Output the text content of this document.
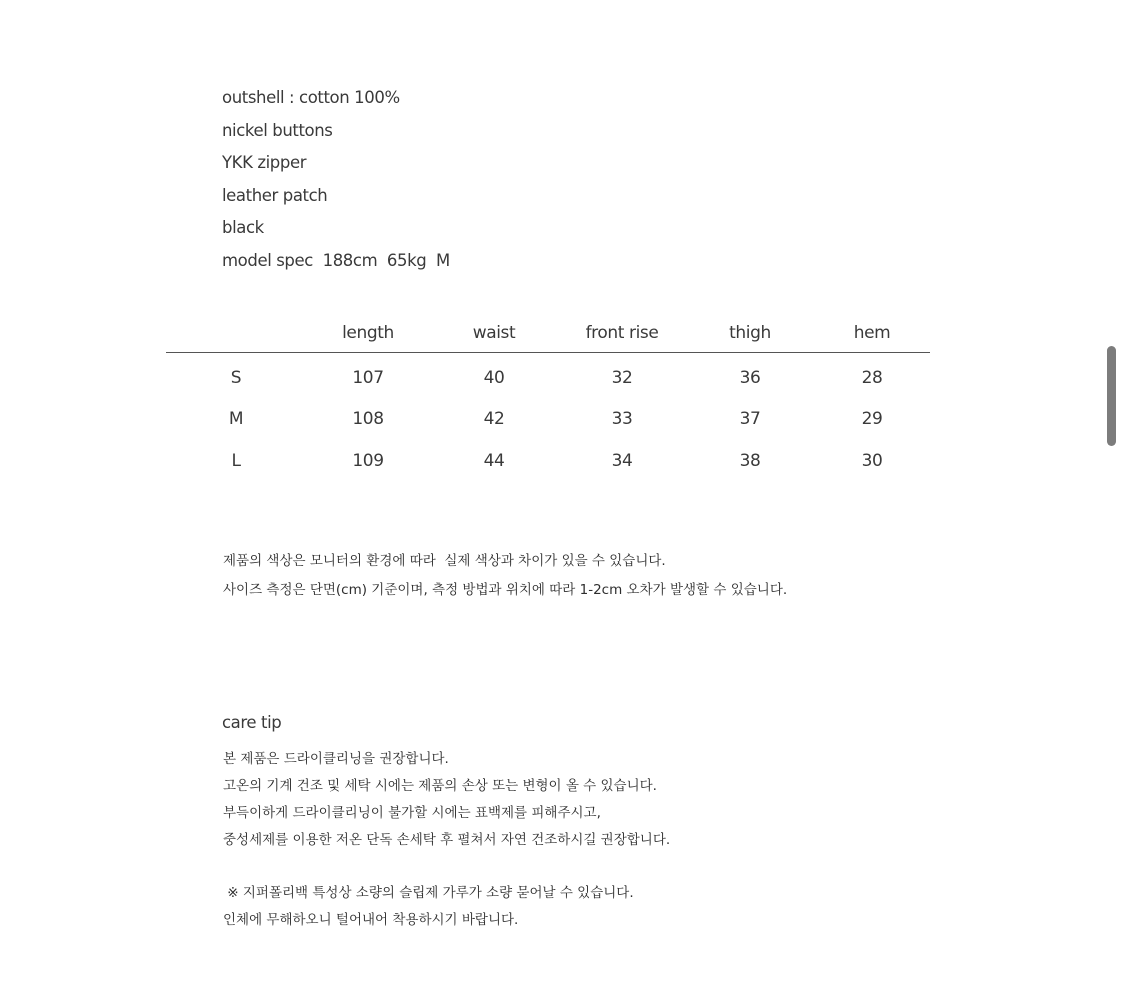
outshell : cotton 100%
nickel buttons
YKK zipper
leather patch
black
model spec  188cm  65kg  M
	length	waist	front rise	thigh	hem
S	107	40	32	36	28
M	108	42	33	37	29
L	109	44	34	38	30
제품의 색상은 모니터의 환경에 따라  실제 색상과 차이가 있을 수 있습니다.
사이즈 측정은 단면(cm) 기준이며, 측정 방법과 위치에 따라 1-2cm 오차가 발생할 수 있습니다.
care tip
본 제품은 드라이클리닝을 권장합니다.
고온의 기계 건조 및 세탁 시에는 제품의 손상 또는 변형이 올 수 있습니다.
부득이하게 드라이클리닝이 불가할 시에는 표백제를 피해주시고,
중성세제를 이용한 저온 단독 손세탁 후 펼쳐서 자연 건조하시길 권장합니다.
※ 지퍼폴리백 특성상 소량의 슬립제 가루가 소량 묻어날 수 있습니다.
인체에 무해하오니 털어내어 착용하시기 바랍니다.
